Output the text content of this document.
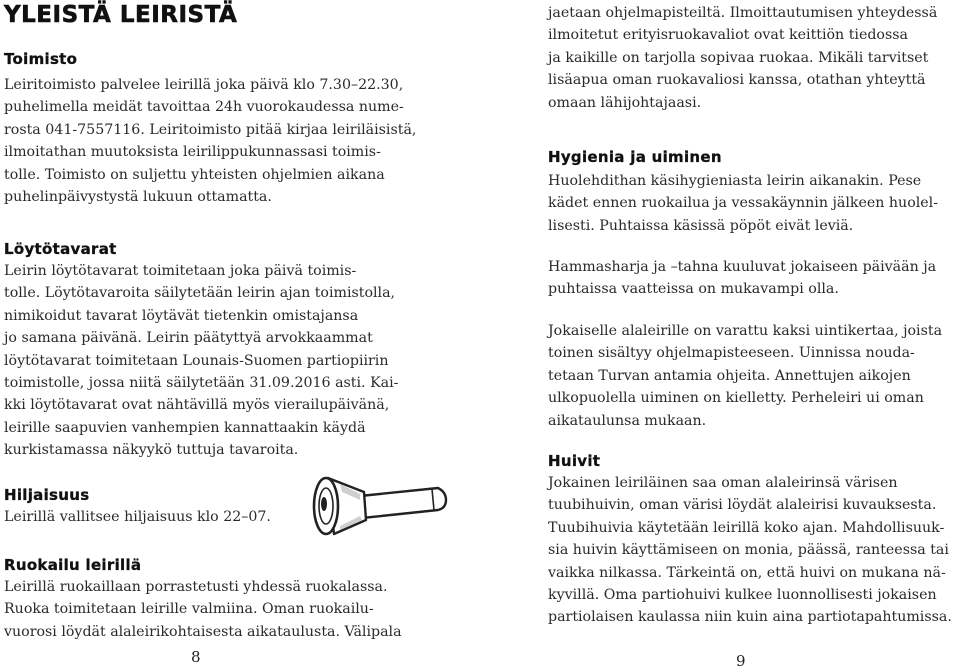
YLEISTÄ LEIRISTÄ
Toimisto
Leiritoimisto palvelee leirillä joka päivä klo 7.30–22.30,
puhelimella meidät tavoittaa 24h vuorokaudessa nume-
rosta 041-7557116. Leiritoimisto pitää kirjaa leiriläisistä,
ilmoitathan muutoksista leirilippukunnassasi toimis-
tolle. Toimisto on suljettu yhteisten ohjelmien aikana
puhelinpäivystystä lukuun ottamatta.
Löytötavarat
Leirin löytötavarat toimitetaan joka päivä toimis-
tolle. Löytötavaroita säilytetään leirin ajan toimistolla,
nimikoidut tavarat löytävät tietenkin omistajansa
jo samana päivänä. Leirin päätyttyä arvokkaammat
löytötavarat toimitetaan Lounais-Suomen partiopiirin
toimistolle, jossa niitä säilytetään 31.09.2016 asti. Kai-
kki löytötavarat ovat nähtävillä myös vierailupäivänä,
leirille saapuvien vanhempien kannattaakin käydä
kurkistamassa näkyykö tuttuja tavaroita.
Hiljaisuus
Leirillä vallitsee hiljaisuus klo 22–07.
Ruokailu leirillä
Leirillä ruokaillaan porrastetusti yhdessä ruokalassa.
Ruoka toimitetaan leirille valmiina. Oman ruokailu-
vuorosi löydät alaleirikohtaisesta aikataulusta. Välipala
8
jaetaan ohjelmapisteiltä. Ilmoittautumisen yhteydessä
ilmoitetut erityisruokavaliot ovat keittiön tiedossa
ja kaikille on tarjolla sopivaa ruokaa. Mikäli tarvitset
lisäapua oman ruokavaliosi kanssa, otathan yhteyttä
omaan lähijohtajaasi.
Hygienia ja uiminen
Huolehdithan käsihygieniasta leirin aikanakin. Pese
kädet ennen ruokailua ja vessakäynnin jälkeen huolel-
lisesti. Puhtaissa käsissä pöpöt eivät leviä.
Hammasharja ja –tahna kuuluvat jokaiseen päivään ja
puhtaissa vaatteissa on mukavampi olla.
Jokaiselle alaleirille on varattu kaksi uintikertaa, joista
toinen sisältyy ohjelmapisteeseen. Uinnissa nouda-
tetaan Turvan antamia ohjeita. Annettujen aikojen
ulkopuolella uiminen on kielletty. Perheleiri ui oman
aikataulunsa mukaan.
Huivit
Jokainen leiriläinen saa oman alaleirinsä värisen
tuubihuivin, oman värisi löydät alaleirisi kuvauksesta.
Tuubihuivia käytetään leirillä koko ajan. Mahdollisuuk-
sia huivin käyttämiseen on monia, päässä, ranteessa tai
vaikka nilkassa. Tärkeintä on, että huivi on mukana nä-
kyvillä. Oma partiohuivi kulkee luonnollisesti jokaisen
partiolaisen kaulassa niin kuin aina partiotapahtumissa.
9
